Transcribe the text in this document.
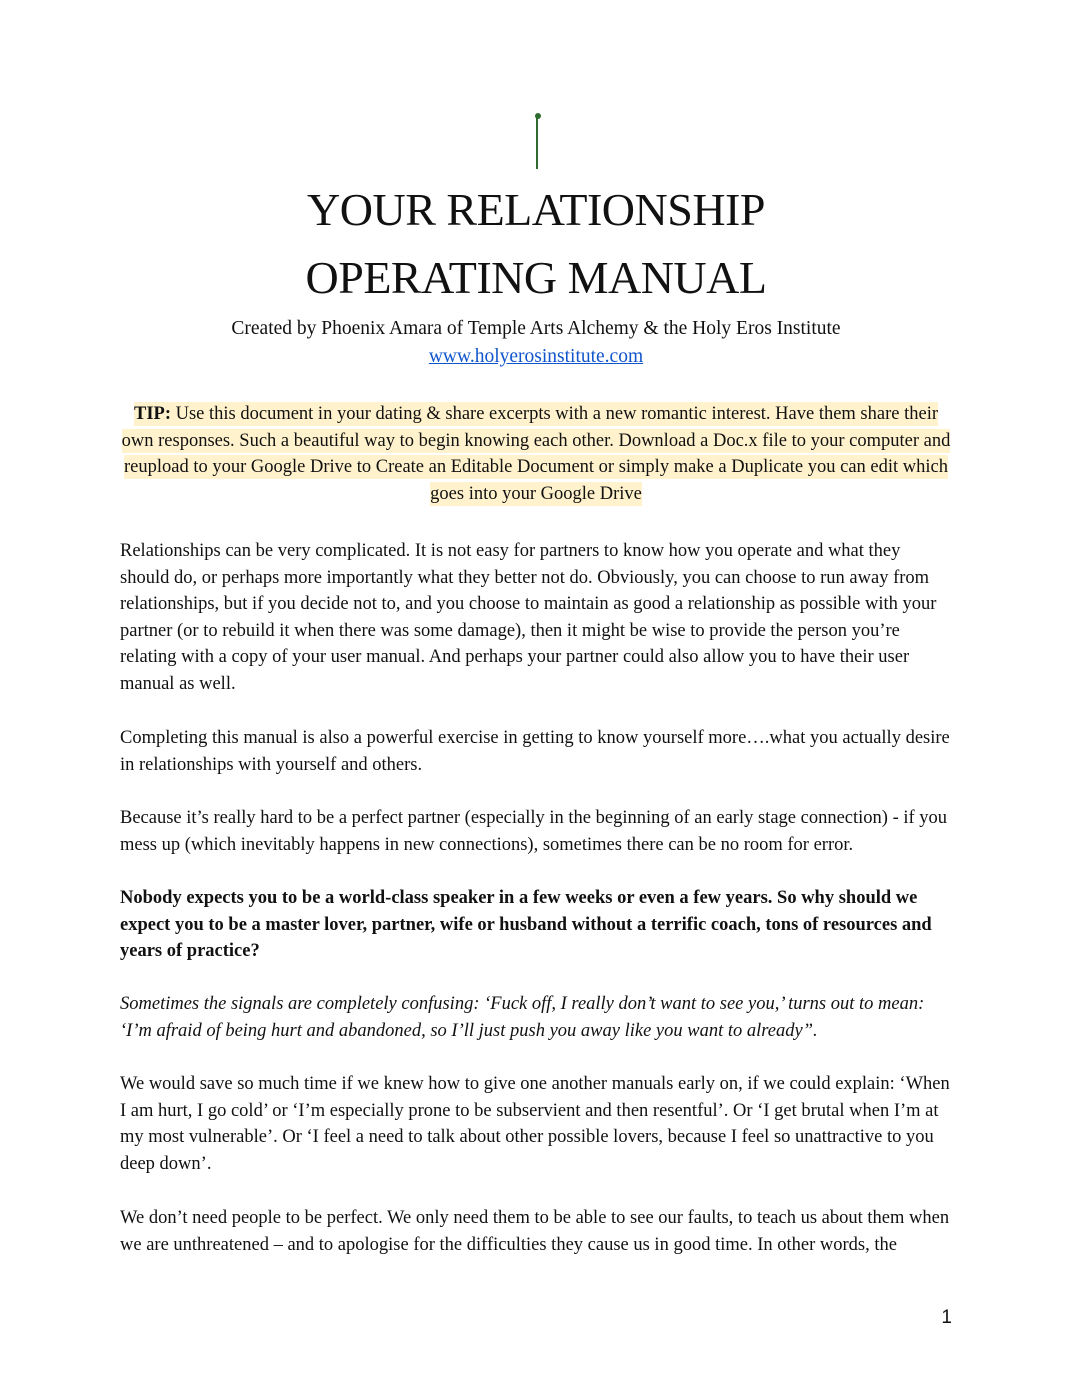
YOUR RELATIONSHIP
OPERATING MANUAL
Created by Phoenix Amara of Temple Arts Alchemy & the Holy Eros Institute
www.holyerosinstitute.com
TIP: Use this document in your dating & share excerpts with a new romantic interest. Have them share their own responses. Such a beautiful way to begin knowing each other. Download a Doc.x file to your computer and reupload to your Google Drive to Create an Editable Document or simply make a Duplicate you can edit which goes into your Google Drive

Relationships can be very complicated. It is not easy for partners to know how you operate and what they should do, or perhaps more importantly what they better not do. Obviously, you can choose to run away from relationships, but if you decide not to, and you choose to maintain as good a relationship as possible with your partner (or to rebuild it when there was some damage), then it might be wise to provide the person you’re relating with a copy of your user manual. And perhaps your partner could also allow you to have their user manual as well.

Completing this manual is also a powerful exercise in getting to know yourself more….what you actually desire in relationships with yourself and others.

Because it’s really hard to be a perfect partner (especially in the beginning of an early stage connection) - if you mess up (which inevitably happens in new connections), sometimes there can be no room for error.

Nobody expects you to be a world-class speaker in a few weeks or even a few years. So why should we expect you to be a master lover, partner, wife or husband without a terrific coach, tons of resources and years of practice?

Sometimes the signals are completely confusing: ‘Fuck off, I really don’t want to see you,’ turns out to mean: ‘I’m afraid of being hurt and abandoned, so I’ll just push you away like you want to already”.

We would save so much time if we knew how to give one another manuals early on, if we could explain: ‘When I am hurt, I go cold’ or ‘I’m especially prone to be subservient and then resentful’. Or ‘I get brutal when I’m at my most vulnerable’. Or ‘I feel a need to talk about other possible lovers, because I feel so unattractive to you deep down’.

We don’t need people to be perfect. We only need them to be able to see our faults, to teach us about them when we are unthreatened – and to apologise for the difficulties they cause us in good time. In other words, the

1
